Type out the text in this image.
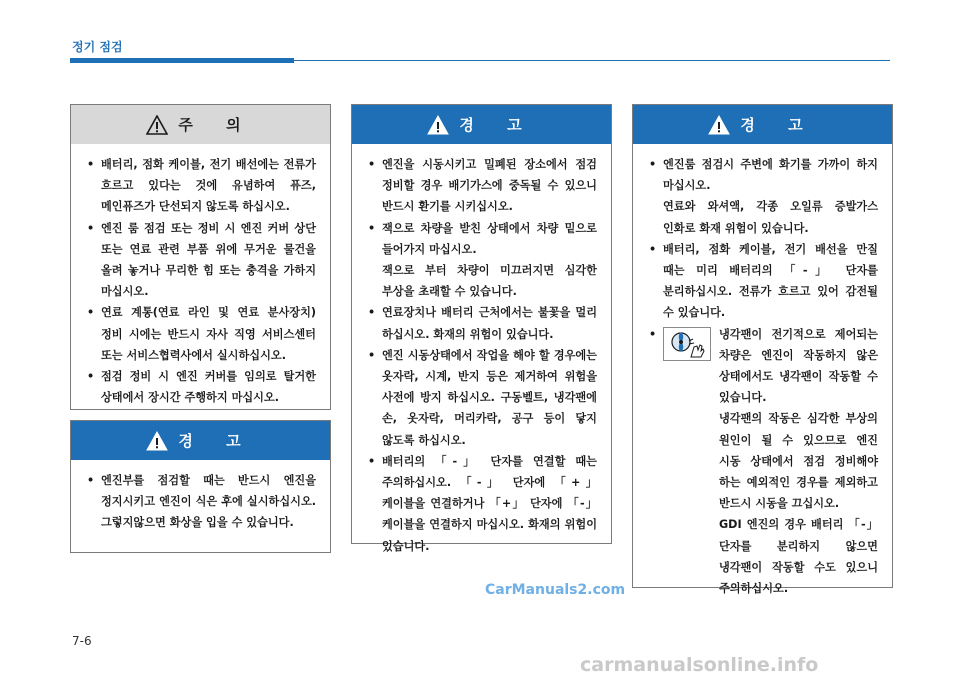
정기 점검
주 의
• 배터리, 점화 케이블, 전기 배선에는 전류가 흐르고 있다는 것에 유념하여 퓨즈, 메인퓨즈가 단선되지 않도록 하십시오.
• 엔진 룸 점검 또는 정비 시 엔진 커버 상단 또는 연료 관련 부품 위에 무거운 물건을 올려 놓거나 무리한 힘 또는 충격을 가하지 마십시오.
• 연료 계통(연료 라인 및 연료 분사장치) 정비 시에는 반드시 자사 직영 서비스센터 또는 서비스협력사에서 실시하십시오.
• 점검 정비 시 엔진 커버를 임의로 탈거한 상태에서 장시간 주행하지 마십시오.
경 고
• 엔진부를 점검할 때는 반드시 엔진을 정지시키고 엔진이 식은 후에 실시하십시오. 그렇지않으면 화상을 입을 수 있습니다.
경 고
• 엔진을 시동시키고 밀폐된 장소에서 점검 정비할 경우 배기가스에 중독될 수 있으니 반드시 환기를 시키십시오.
• 잭으로 차량을 받친 상태에서 차량 밑으로 들어가지 마십시오.
잭으로 부터 차량이 미끄러지면 심각한 부상을 초래할 수 있습니다.
• 연료장치나 배터리 근처에서는 불꽃을 멀리 하십시오. 화재의 위험이 있습니다.
• 엔진 시동상태에서 작업을 해야 할 경우에는 옷자락, 시계, 반지 등은 제거하여 위험을 사전에 방지 하십시오. 구동벨트, 냉각팬에 손, 옷자락, 머리카락, 공구 등이 닿지 않도록 하십시오.
• 배터리의 「-」 단자를 연결할 때는 주의하십시오. 「-」 단자에 「+」 케이블을 연결하거나 「+」 단자에 「-」 케이블을 연결하지 마십시오. 화재의 위험이 있습니다.
경 고
• 엔진룸 점검시 주변에 화기를 가까이 하지 마십시오.
연료와 와셔액, 각종 오일류 증발가스 인화로 화재 위험이 있습니다.
• 배터리, 점화 케이블, 전기 배선을 만질 때는 미리 배터리의 「-」 단자를 분리하십시오. 전류가 흐르고 있어 감전될 수 있습니다.
• 냉각팬이 전기적으로 제어되는 차량은 엔진이 작동하지 않은 상태에서도 냉각팬이 작동할 수 있습니다.
냉각팬의 작동은 심각한 부상의 원인이 될 수 있으므로 엔진 시동 상태에서 점검 정비해야 하는 예외적인 경우를 제외하고 반드시 시동을 끄십시오.
GDI 엔진의 경우 배터리 「-」 단자를 분리하지 않으면 냉각팬이 작동할 수도 있으니 주의하십시오.
CarManuals2.com
7-6
carmanualsonline.info
